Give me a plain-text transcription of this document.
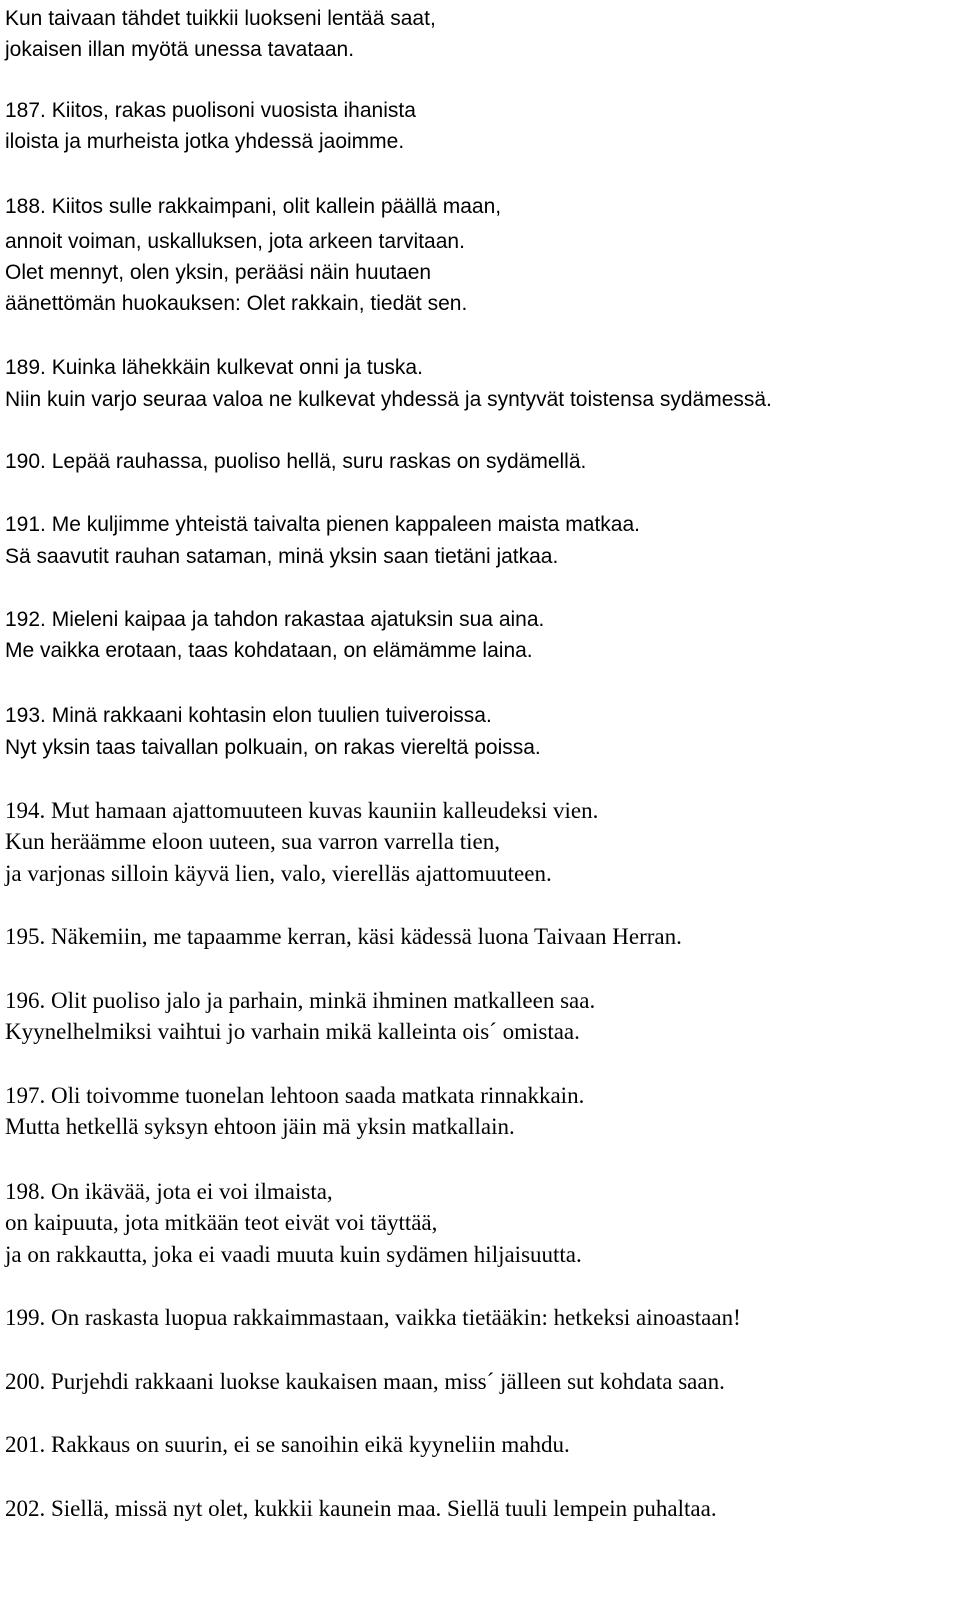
Kun taivaan tähdet tuikkii luokseni lentää saat,
jokaisen illan myötä unessa tavataan.
187. Kiitos, rakas puolisoni vuosista ihanista
iloista ja murheista jotka yhdessä jaoimme.
188. Kiitos sulle rakkaimpani, olit kallein päällä maan,
annoit voiman, uskalluksen, jota arkeen tarvitaan.
Olet mennyt, olen yksin, perääsi näin huutaen
äänettömän huokauksen: Olet rakkain, tiedät sen.
189. Kuinka lähekkäin kulkevat onni ja tuska.
Niin kuin varjo seuraa valoa ne kulkevat yhdessä ja syntyvät toistensa sydämessä.
190. Lepää rauhassa, puoliso hellä, suru raskas on sydämellä.
191. Me kuljimme yhteistä taivalta pienen kappaleen maista matkaa.
Sä saavutit rauhan sataman, minä yksin saan tietäni jatkaa.
192. Mieleni kaipaa ja tahdon rakastaa ajatuksin sua aina.
Me vaikka erotaan, taas kohdataan, on elämämme laina.
193. Minä rakkaani kohtasin elon tuulien tuiveroissa.
Nyt yksin taas taivallan polkuain, on rakas viereltä poissa.
194. Mut hamaan ajattomuuteen kuvas kauniin kalleudeksi vien.
Kun heräämme eloon uuteen, sua varron varrella tien,
ja varjonas silloin käyvä lien, valo, vierelläs ajattomuuteen.
195. Näkemiin, me tapaamme kerran, käsi kädessä luona Taivaan Herran.
196. Olit puoliso jalo ja parhain, minkä ihminen matkalleen saa.
Kyynelhelmiksi vaihtui jo varhain mikä kalleinta ois´ omistaa.
197. Oli toivomme tuonelan lehtoon saada matkata rinnakkain.
Mutta hetkellä syksyn ehtoon jäin mä yksin matkallain.
198. On ikävää, jota ei voi ilmaista,
on kaipuuta, jota mitkään teot eivät voi täyttää,
ja on rakkautta, joka ei vaadi muuta kuin sydämen hiljaisuutta.
199. On raskasta luopua rakkaimmastaan, vaikka tietääkin: hetkeksi ainoastaan!
200. Purjehdi rakkaani luokse kaukaisen maan, miss´ jälleen sut kohdata saan.
201. Rakkaus on suurin, ei se sanoihin eikä kyyneliin mahdu.
202. Siellä, missä nyt olet, kukkii kaunein maa. Siellä tuuli lempein puhaltaa.
